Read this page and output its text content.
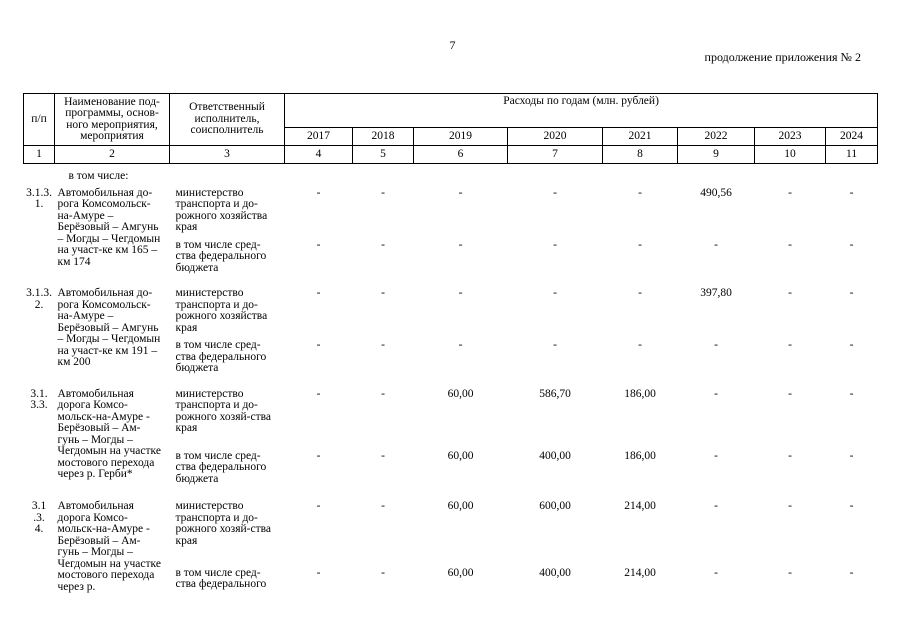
7
продолжение приложения № 2
п/п	Наименование под-программы, основ-ного мероприятия, мероприятия	Ответственный исполнитель, соисполнитель	Расходы по годам (млн. рублей)							
			2017	2018	2019	2020	2021	2022	2023	2024
1	2	3	4	5	6	7	8	9	10	11
	в том числе:									
3.1.3.
1.	Автомобильная до-рога Комсомольск-на-Амуре – Берёзовый – Амгунь – Могды – Чегдомын на участ-ке км 165 – км 174	министерство транспорта и до-рожного хозяйства края	-	-	-	-	-	490,56	-	-
		в том числе сред-ства федерального бюджета	-	-	-	-	-	-	-	-

3.1.3.
2.	Автомобильная до-рога Комсомольск-на-Амуре – Берёзовый – Амгунь – Могды – Чегдомын на участ-ке км 191 – км 200	министерство транспорта и до-рожного хозяйства края	-	-	-	-	-	397,80	-	-
		в том числе сред-ства федерального бюджета	-	-	-	-	-	-	-	-

3.1.
3.3.	Автомобильная дорога Комсо-мольск-на-Амуре - Берёзовый – Ам-гунь – Могды – Чегдомын на участке мостового перехода через р. Герби*	министерство транспорта и до-рожного хозяй-ства края	-	-	60,00	586,70	186,00	-	-	-
		в том числе сред-ства федерального бюджета	-	-	60,00	400,00	186,00	-	-	-

3.1
.3.
4.	Автомобильная дорога Комсо-мольск-на-Амуре - Берёзовый – Ам-гунь – Могды – Чегдомын на участке мостового перехода через р.	министерство транспорта и до-рожного хозяй-ства края	-	-	60,00	600,00	214,00	-	-	-
		в том числе сред-ства федерального	-	-	60,00	400,00	214,00	-	-	-
